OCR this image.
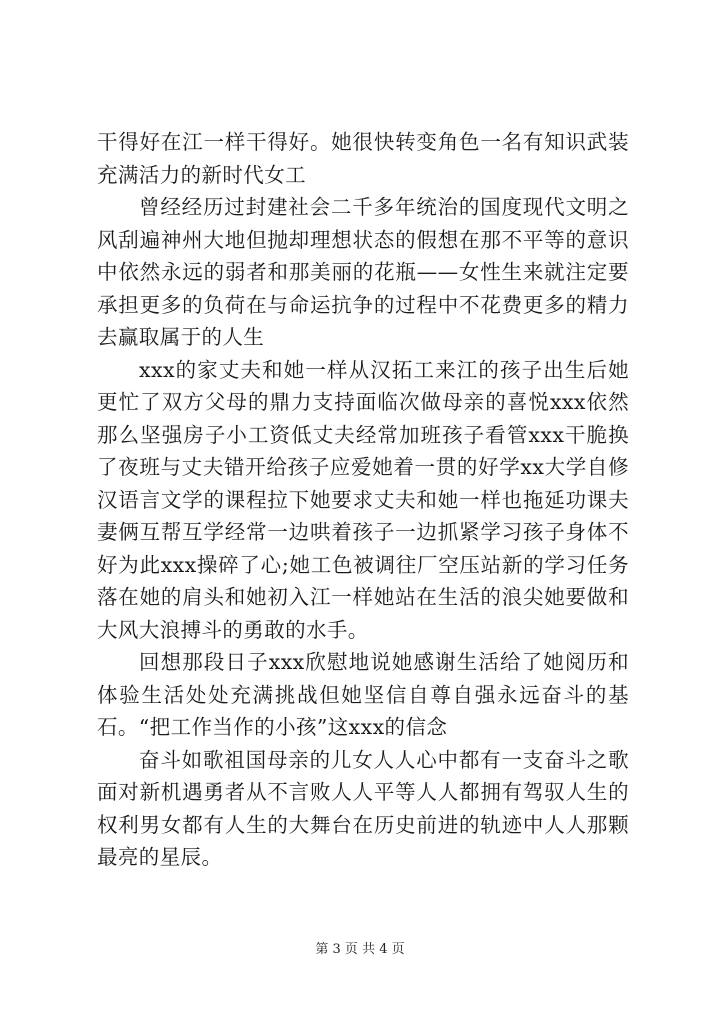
干得好在江一样干得好。她很快转变角色一名有知识武装充满活力的新时代女工

曾经经历过封建社会二千多年统治的国度现代文明之风刮遍神州大地但抛却理想状态的假想在那不平等的意识中依然永远的弱者和那美丽的花瓶——女性生来就注定要承担更多的负荷在与命运抗争的过程中不花费更多的精力去赢取属于的人生

xxx的家丈夫和她一样从汉拓工来江的孩子出生后她更忙了双方父母的鼎力支持面临次做母亲的喜悦xxx依然那么坚强房子小工资低丈夫经常加班孩子看管xxx干脆换了夜班与丈夫错开给孩子应爱她着一贯的好学xx大学自修汉语言文学的课程拉下她要求丈夫和她一样也拖延功课夫妻俩互帮互学经常一边哄着孩子一边抓紧学习孩子身体不好为此xxx操碎了心;她工色被调往厂空压站新的学习任务落在她的肩头和她初入江一样她站在生活的浪尖她要做和大风大浪搏斗的勇敢的水手。

回想那段日子xxx欣慰地说她感谢生活给了她阅历和体验生活处处充满挑战但她坚信自尊自强永远奋斗的基石。“把工作当作的小孩”这xxx的信念

奋斗如歌祖国母亲的儿女人人心中都有一支奋斗之歌面对新机遇勇者从不言败人人平等人人都拥有驾驭人生的权利男女都有人生的大舞台在历史前进的轨迹中人人那颗最亮的星辰。

第 3 页 共 4 页
